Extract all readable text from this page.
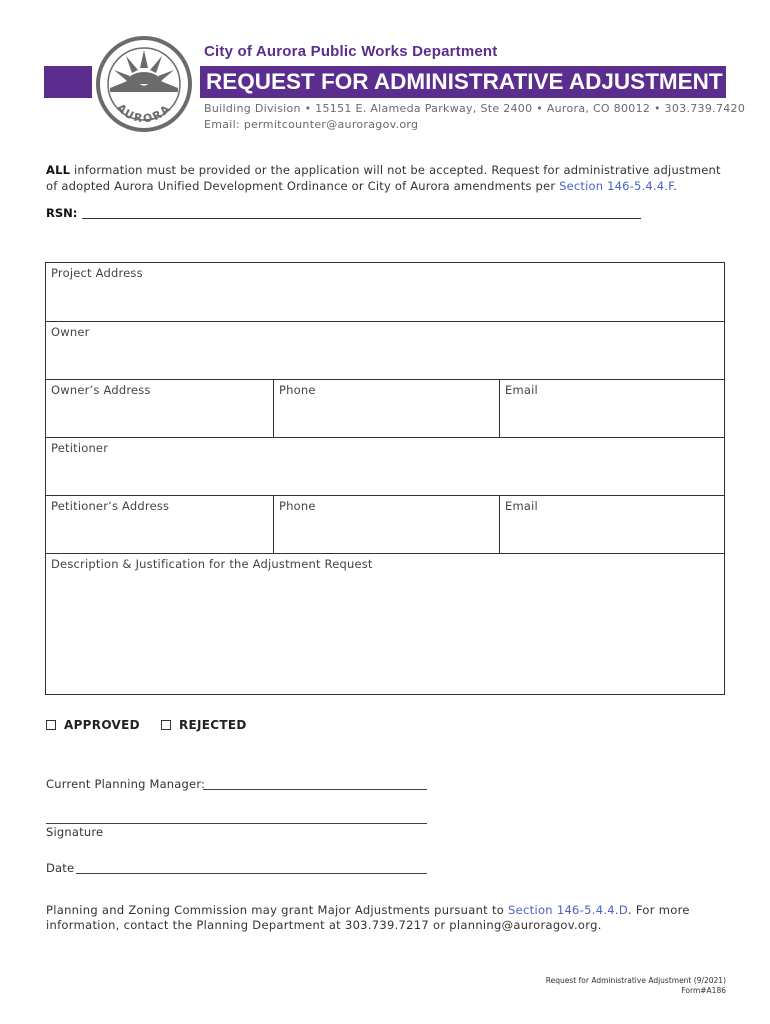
AURORA
City of Aurora Public Works Department
REQUEST FOR ADMINISTRATIVE ADJUSTMENT
Building Division • 15151 E. Alameda Parkway, Ste 2400 • Aurora, CO 80012 • 303.739.7420
Email: permitcounter@auroragov.org
ALL information must be provided or the application will not be accepted. Request for administrative adjustment of adopted Aurora Unified Development Ordinance or City of Aurora amendments per Section 146-5.4.4.F.
RSN:
Project Address
Owner
Owner’s Address	Phone	Email
Petitioner
Petitioner’s Address	Phone	Email
Description & Justification for the Adjustment Request
APPROVED	REJECTED
Current Planning Manager:
Signature
Date
Planning and Zoning Commission may grant Major Adjustments pursuant to Section 146-5.4.4.D. For more information, contact the Planning Department at 303.739.7217 or planning@auroragov.org.
Request for Administrative Adjustment (9/2021)
Form#A186
